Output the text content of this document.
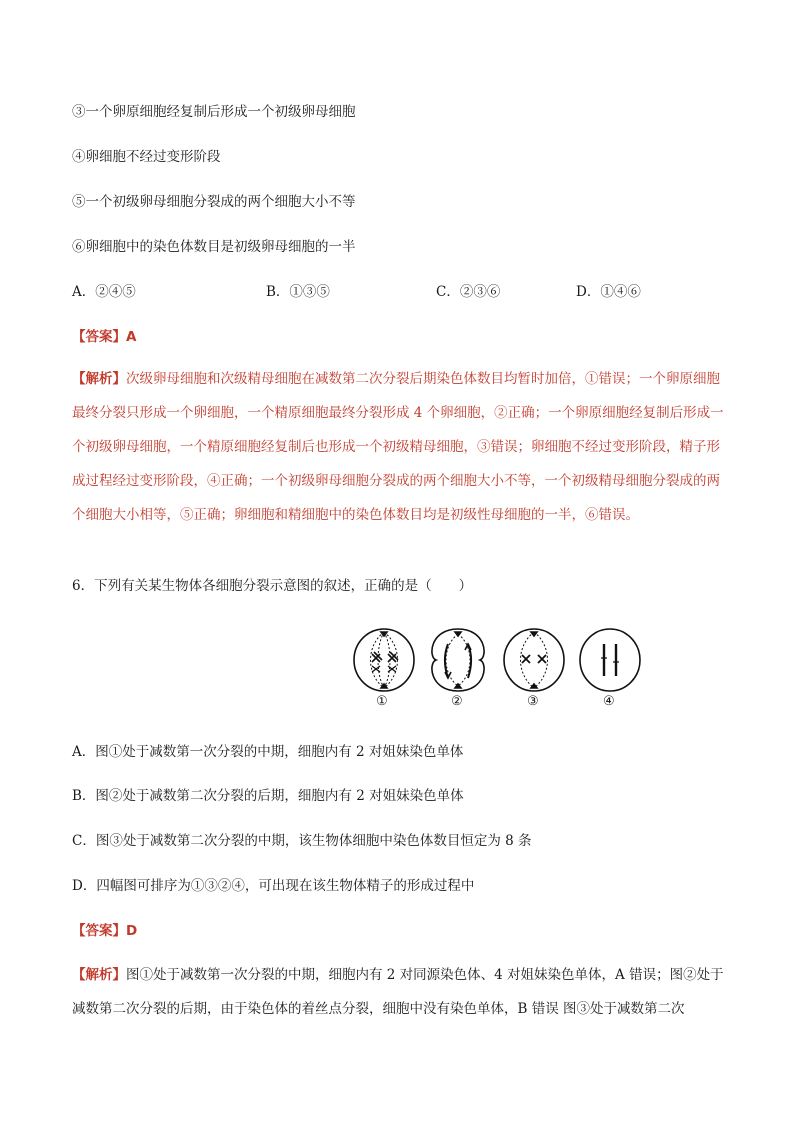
③一个卵原细胞经复制后形成一个初级卵母细胞
④卵细胞不经过变形阶段
⑤一个初级卵母细胞分裂成的两个细胞大小不等
⑥卵细胞中的染色体数目是初级卵母细胞的一半
A．②④⑤	B．①③⑤	C．②③⑥	D．①④⑥
【答案】A
【解析】次级卵母细胞和次级精母细胞在减数第二次分裂后期染色体数目均暂时加倍，①错误；一个卵原细胞最终分裂只形成一个卵细胞，一个精原细胞最终分裂形成 4 个卵细胞，②正确；一个卵原细胞经复制后形成一个初级卵母细胞，一个精原细胞经复制后也形成一个初级精母细胞，③错误；卵细胞不经过变形阶段，精子形成过程经过变形阶段，④正确；一个初级卵母细胞分裂成的两个细胞大小不等，一个初级精母细胞分裂成的两个细胞大小相等，⑤正确；卵细胞和精细胞中的染色体数目均是初级性母细胞的一半，⑥错误。
6．下列有关某生物体各细胞分裂示意图的叙述，正确的是（　　）
①	②	③	④
A．图①处于减数第一次分裂的中期，细胞内有 2 对姐妹染色单体
B．图②处于减数第二次分裂的后期，细胞内有 2 对姐妹染色单体
C．图③处于减数第二次分裂的中期，该生物体细胞中染色体数目恒定为 8 条
D．四幅图可排序为①③②④，可出现在该生物体精子的形成过程中
【答案】D
【解析】图①处于减数第一次分裂的中期，细胞内有 2 对同源染色体、4 对姐妹染色单体，A 错误；图②处于减数第二次分裂的后期，由于染色体的着丝点分裂，细胞中没有染色单体，B 错误 图③处于减数第二次
